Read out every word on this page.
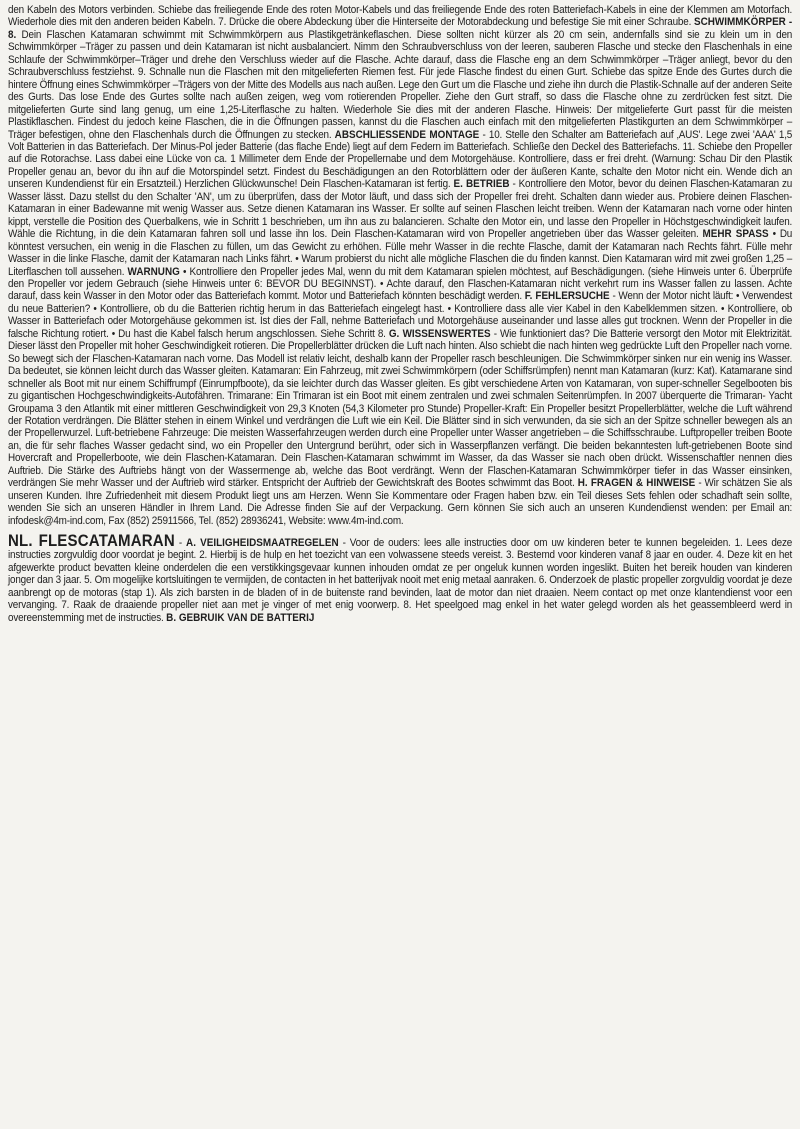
den Kabeln des Motors verbinden. Schiebe das freiliegende Ende des roten Motor-Kabels und das freiliegende Ende des roten Batteriefach-Kabels in eine der Klemmen am Motorfach. Wiederhole dies mit den anderen beiden Kabeln. 7. Drücke die obere Abdeckung über die Hinterseite der Motorabdeckung und befestige Sie mit einer Schraube. SCHWIMMKÖRPER - 8. Dein Flaschen Katamaran schwimmt mit Schwimmkörpern aus Plastikgetränkeflaschen. Diese sollten nicht kürzer als 20 cm sein, andernfalls sind sie zu klein um in den Schwimmkörper –Träger zu passen und dein Katamaran ist nicht ausbalanciert. Nimm den Schraubverschluss von der leeren, sauberen Flasche und stecke den Flaschenhals in eine Schlaufe der Schwimmkörper–Träger und drehe den Verschluss wieder auf die Flasche. Achte darauf, dass die Flasche eng an dem Schwimmkörper –Träger anliegt, bevor du den Schraubverschluss festziehst. 9. Schnalle nun die Flaschen mit den mitgelieferten Riemen fest. Für jede Flasche findest du einen Gurt. Schiebe das spitze Ende des Gurtes durch die hintere Öffnung eines Schwimmkörper –Trägers von der Mitte des Modells aus nach außen. Lege den Gurt um die Flasche und ziehe ihn durch die Plastik-Schnalle auf der anderen Seite des Gurts. Das lose Ende des Gurtes sollte nach außen zeigen, weg vom rotierenden Propeller. Ziehe den Gurt straff, so dass die Flasche ohne zu zerdrücken fest sitzt. Die mitgelieferten Gurte sind lang genug, um eine 1,25-Literflasche zu halten. Wiederhole Sie dies mit der anderen Flasche. Hinweis: Der mitgelieferte Gurt passt für die meisten Plastikflaschen. Findest du jedoch keine Flaschen, die in die Öffnungen passen, kannst du die Flaschen auch einfach mit den mitgelieferten Plastikgurten an dem Schwimmkörper –Träger befestigen, ohne den Flaschenhals durch die Öffnungen zu stecken. ABSCHLIESSENDE MONTAGE - 10. Stelle den Schalter am Batteriefach auf ‚AUS'. Lege zwei 'AAA' 1,5 Volt Batterien in das Batteriefach. Der Minus-Pol jeder Batterie (das flache Ende) liegt auf dem Federn im Batteriefach. Schließe den Deckel des Batteriefachs. 11. Schiebe den Propeller auf die Rotorachse. Lass dabei eine Lücke von ca. 1 Millimeter dem Ende der Propellernabe und dem Motorgehäuse. Kontrolliere, dass er frei dreht. (Warnung: Schau Dir den Plastik Propeller genau an, bevor du ihn auf die Motorspindel setzt. Findest du Beschädigungen an den Rotorblättern oder der äußeren Kante, schalte den Motor nicht ein. Wende dich an unseren Kundendienst für ein Ersatzteil.) Herzlichen Glückwunsche! Dein Flaschen-Katamaran ist fertig. E. BETRIEB - Kontrolliere den Motor, bevor du deinen Flaschen-Katamaran zu Wasser lässt. Dazu stellst du den Schalter 'AN', um zu überprüfen, dass der Motor läuft, und dass sich der Propeller frei dreht. Schalten dann wieder aus. Probiere deinen Flaschen-Katamaran in einer Badewanne mit wenig Wasser aus. Setze dienen Katamaran ins Wasser. Er sollte auf seinen Flaschen leicht treiben. Wenn der Katamaran nach vorne oder hinten kippt, verstelle die Position des Querbalkens, wie in Schritt 1 beschrieben, um ihn aus zu balancieren. Schalte den Motor ein, und lasse den Propeller in Höchstgeschwindigkeit laufen. Wähle die Richtung, in die dein Katamaran fahren soll und lasse ihn los. Dein Flaschen-Katamaran wird von Propeller angetrieben über das Wasser geleiten. MEHR SPASS • Du könntest versuchen, ein wenig in die Flaschen zu füllen, um das Gewicht zu erhöhen. Fülle mehr Wasser in die rechte Flasche, damit der Katamaran nach Rechts fährt. Fülle mehr Wasser in die linke Flasche, damit der Katamaran nach Links fährt. • Warum probierst du nicht alle mögliche Flaschen die du finden kannst. Dien Katamaran wird mit zwei großen 1,25 – Literflaschen toll aussehen. WARNUNG • Kontrolliere den Propeller jedes Mal, wenn du mit dem Katamaran spielen möchtest, auf Beschädigungen. (siehe Hinweis unter 6. Überprüfe den Propeller vor jedem Gebrauch (siehe Hinweis unter 6: BEVOR DU BEGINNST). • Achte darauf, den Flaschen-Katamaran nicht verkehrt rum ins Wasser fallen zu lassen. Achte darauf, dass kein Wasser in den Motor oder das Batteriefach kommt. Motor und Batteriefach könnten beschädigt werden. F. FEHLERSUCHE - Wenn der Motor nicht läuft: • Verwendest du neue Batterien? • Kontrolliere, ob du die Batterien richtig herum in das Batteriefach eingelegt hast. • Kontrolliere dass alle vier Kabel in den Kabelklemmen sitzen. • Kontrolliere, ob Wasser in Batteriefach oder Motorgehäuse gekommen ist. Ist dies der Fall, nehme Batteriefach und Motorgehäuse auseinander und lasse alles gut trocknen. Wenn der Propeller in die falsche Richtung rotiert. • Du hast die Kabel falsch herum angschlossen. Siehe Schritt 8. G. WISSENSWERTES - Wie funktioniert das? Die Batterie versorgt den Motor mit Elektrizität. Dieser lässt den Propeller mit hoher Geschwindigkeit rotieren. Die Propellerblätter drücken die Luft nach hinten. Also schiebt die nach hinten weg gedrückte Luft den Propeller nach vorne. So bewegt sich der Flaschen-Katamaran nach vorne. Das Modell ist relativ leicht, deshalb kann der Propeller rasch beschleunigen. Die Schwimmkörper sinken nur ein wenig ins Wasser. Da bedeutet, sie können leicht durch das Wasser gleiten. Katamaran: Ein Fahrzeug, mit zwei Schwimmkörpern (oder Schiffsrümpfen) nennt man Katamaran (kurz: Kat). Katamarane sind schneller als Boot mit nur einem Schiffrumpf (Einrumpfboote), da sie leichter durch das Wasser gleiten. Es gibt verschiedene Arten von Katamaran, von super-schneller Segelbooten bis zu gigantischen Hochgeschwindigkeits-Autofähren. Trimarane: Ein Trimaran ist ein Boot mit einem zentralen und zwei schmalen Seitenrümpfen. In 2007 überquerte die Trimaran- Yacht Groupama 3 den Atlantik mit einer mittleren Geschwindigkeit von 29,3 Knoten (54,3 Kilometer pro Stunde) Propeller-Kraft: Ein Propeller besitzt Propellerblätter, welche die Luft während der Rotation verdrängen. Die Blätter stehen in einem Winkel und verdrängen die Luft wie ein Keil. Die Blätter sind in sich verwunden, da sie sich an der Spitze schneller bewegen als an der Propellerwurzel. Luft-betriebene Fahrzeuge: Die meisten Wasserfahrzeugen werden durch eine Propeller unter Wasser angetrieben – die Schiffsschraube. Luftpropeller treiben Boote an, die für sehr flaches Wasser gedacht sind, wo ein Propeller den Untergrund berührt, oder sich in Wasserpflanzen verfängt. Die beiden bekanntesten luft-getriebenen Boote sind Hovercraft and Propellerboote, wie dein Flaschen-Katamaran. Dein Flaschen-Katamaran schwimmt im Wasser, da das Wasser sie nach oben drückt. Wissenschaftler nennen dies Auftrieb. Die Stärke des Auftriebs hängt von der Wassermenge ab, welche das Boot verdrängt. Wenn der Flaschen-Katamaran Schwimmkörper tiefer in das Wasser einsinken, verdrängen Sie mehr Wasser und der Auftrieb wird stärker. Entspricht der Auftrieb der Gewichtskraft des Bootes schwimmt das Boot. H. FRAGEN & HINWEISE - Wir schätzen Sie als unseren Kunden. Ihre Zufriedenheit mit diesem Produkt liegt uns am Herzen. Wenn Sie Kommentare oder Fragen haben bzw. ein Teil dieses Sets fehlen oder schadhaft sein sollte, wenden Sie sich an unseren Händler in Ihrem Land. Die Adresse finden Sie auf der Verpackung. Gern können Sie sich auch an unseren Kundendienst wenden: per Email an: infodesk@4m-ind.com, Fax (852) 25911566, Tel. (852) 28936241, Website: www.4m-ind.com.

NL. FLESCATAMARAN - A. VEILIGHEIDSMAATREGELEN - Voor de ouders: lees alle instructies door om uw kinderen beter te kunnen begeleiden. 1. Lees deze instructies zorgvuldig door voordat je begint. 2. Hierbij is de hulp en het toezicht van een volwassene steeds vereist. 3. Bestemd voor kinderen vanaf 8 jaar en ouder. 4. Deze kit en het afgewerkte product bevatten kleine onderdelen die een verstikkingsgevaar kunnen inhouden omdat ze per ongeluk kunnen worden ingeslikt. Buiten het bereik houden van kinderen jonger dan 3 jaar. 5. Om mogelijke kortsluitingen te vermijden, de contacten in het batterijvak nooit met enig metaal aanraken. 6. Onderzoek de plastic propeller zorgvuldig voordat je deze aanbrengt op de motoras (stap 1). Als zich barsten in de bladen of in de buitenste rand bevinden, laat de motor dan niet draaien. Neem contact op met onze klantendienst voor een vervanging. 7. Raak de draaiende propeller niet aan met je vinger of met enig voorwerp. 8. Het speelgoed mag enkel in het water gelegd worden als het geassembleerd werd in overeenstemming met de instructies. B. GEBRUIK VAN DE BATTERIJ
